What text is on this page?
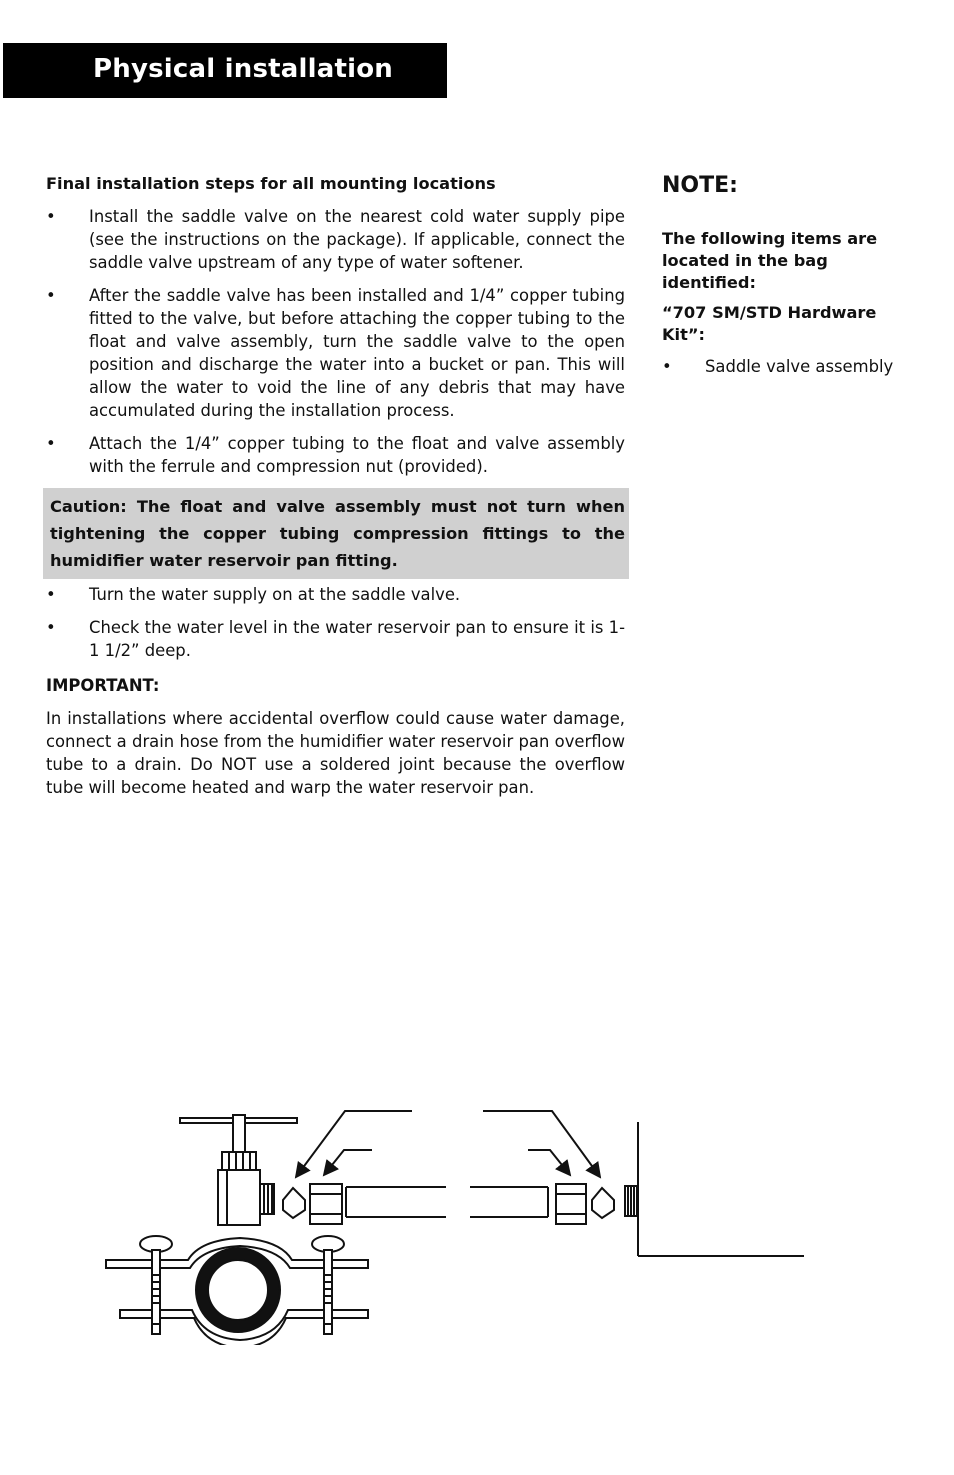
Physical installation
Final installation steps for all mounting locations
• Install the saddle valve on the nearest cold water supply pipe (see the instructions on the package). If applicable, connect the saddle valve upstream of any type of water softener.
• After the saddle valve has been installed and 1/4” copper tubing fitted to the valve, but before attaching the copper tubing to the float and valve assembly, turn the saddle valve to the open position and discharge the water into a bucket or pan. This will allow the water to void the line of any debris that may have accumulated during the installation process.
• Attach the 1/4” copper tubing to the float and valve assembly with the ferrule and compression nut (provided).
Caution: The float and valve assembly must not turn when tightening the copper tubing compression fittings to the humidifier water reservoir pan fitting.
• Turn the water supply on at the saddle valve.
• Check the water level in the water reservoir pan to ensure it is 1-1 1/2” deep.
IMPORTANT:
In installations where accidental overflow could cause water damage, connect a drain hose from the humidifier water reservoir pan overflow tube to a drain. Do NOT use a soldered joint because the overflow tube will become heated and warp the water reservoir pan.
NOTE:
The following items are located in the bag identified:
“707 SM/STD Hardware Kit”:
• Saddle valve assembly
